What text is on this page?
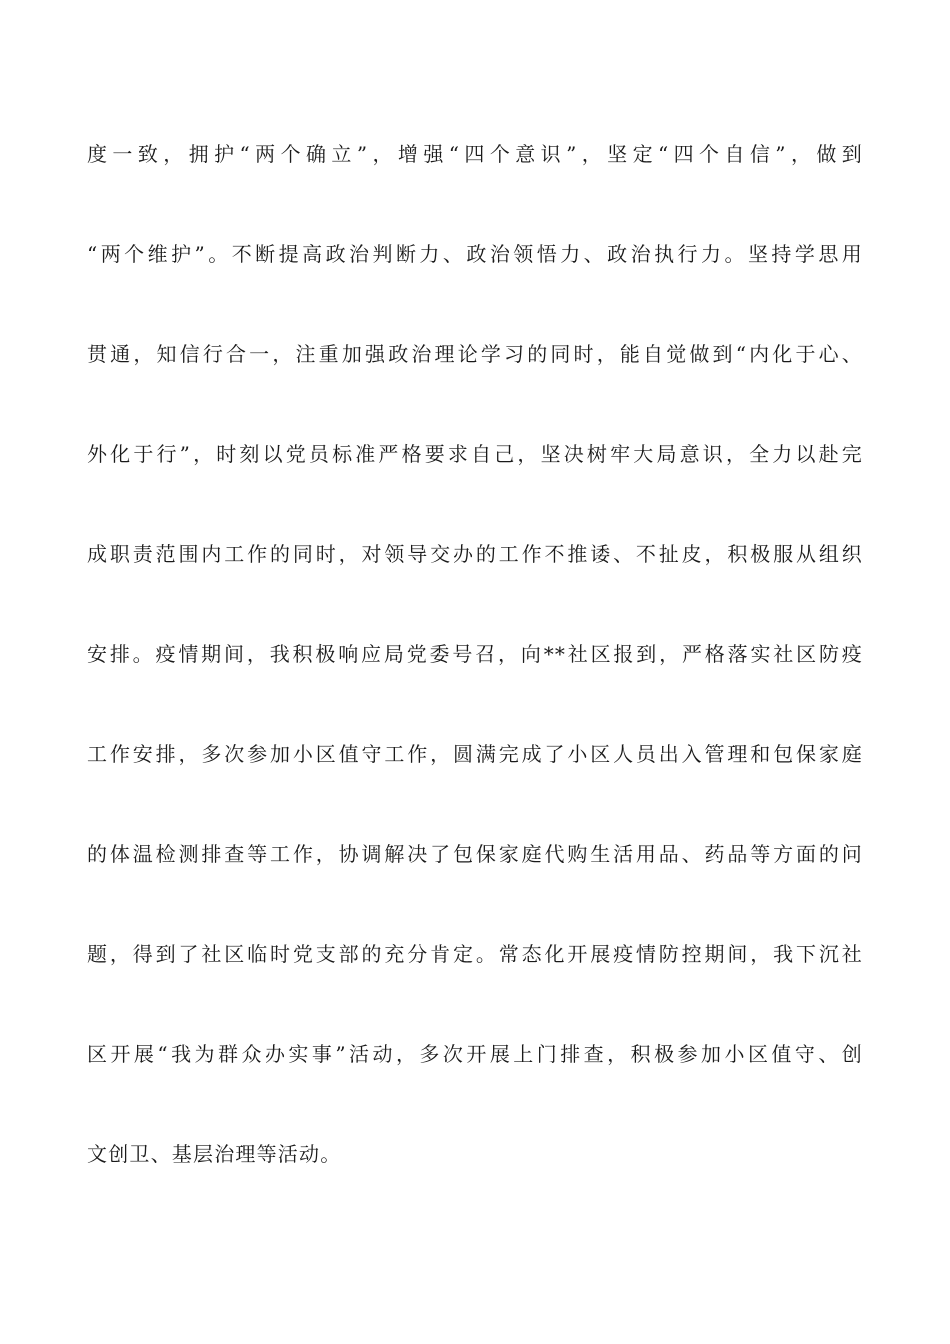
度一致，拥护“两个确立”，增强“四个意识”，坚定“四个自信”，做到
“两个维护”。不断提高政治判断力、政治领悟力、政治执行力。坚持学思用
贯通，知信行合一，注重加强政治理论学习的同时，能自觉做到“内化于心、
外化于行”，时刻以党员标准严格要求自己，坚决树牢大局意识，全力以赴完
成职责范围内工作的同时，对领导交办的工作不推诿、不扯皮，积极服从组织
安排。疫情期间，我积极响应局党委号召，向**社区报到，严格落实社区防疫
工作安排，多次参加小区值守工作，圆满完成了小区人员出入管理和包保家庭
的体温检测排查等工作，协调解决了包保家庭代购生活用品、药品等方面的问
题，得到了社区临时党支部的充分肯定。常态化开展疫情防控期间，我下沉社
区开展“我为群众办实事”活动，多次开展上门排查，积极参加小区值守、创
文创卫、基层治理等活动。
